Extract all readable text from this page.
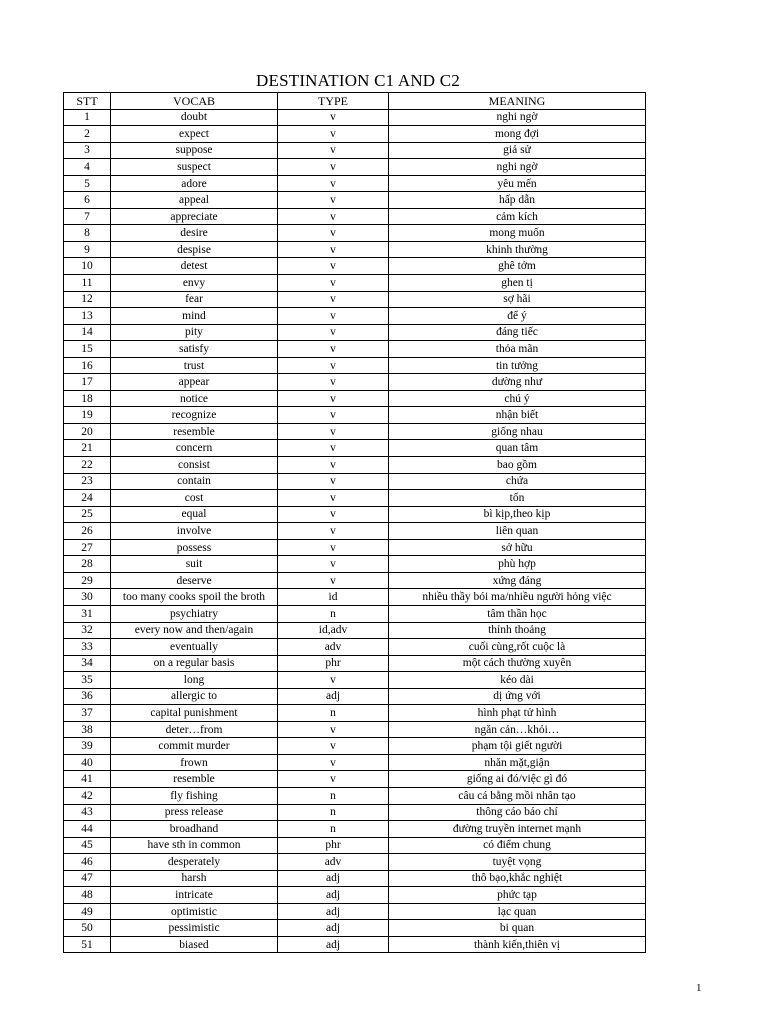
DESTINATION C1 AND C2
STT	VOCAB	TYPE	MEANING
1	doubt	v	nghi ngờ
2	expect	v	mong đợi
3	suppose	v	giả sử
4	suspect	v	nghi ngờ
5	adore	v	yêu mến
6	appeal	v	hấp dẫn
7	appreciate	v	cảm kích
8	desire	v	mong muốn
9	despise	v	khinh thường
10	detest	v	ghê tởm
11	envy	v	ghen tị
12	fear	v	sợ hãi
13	mind	v	để ý
14	pity	v	đáng tiếc
15	satisfy	v	thỏa mãn
16	trust	v	tin tưởng
17	appear	v	dường như
18	notice	v	chú ý
19	recognize	v	nhận biết
20	resemble	v	giống nhau
21	concern	v	quan tâm
22	consist	v	bao gồm
23	contain	v	chứa
24	cost	v	tốn
25	equal	v	bì kịp,theo kịp
26	involve	v	liên quan
27	possess	v	sở hữu
28	suit	v	phù hợp
29	deserve	v	xứng đáng
30	too many cooks spoil the broth	id	nhiều thầy bói ma/nhiều người hỏng việc
31	psychiatry	n	tâm thần học
32	every now and then/again	id,adv	thỉnh thoảng
33	eventually	adv	cuối cùng,rốt cuộc là
34	on a regular basis	phr	một cách thường xuyên
35	long	v	kéo dài
36	allergic to	adj	dị ứng với
37	capital punishment	n	hình phạt tử hình
38	deter…from	v	ngăn cản…khỏi…
39	commit murder	v	phạm tội giết người
40	frown	v	nhăn mặt,giận
41	resemble	v	giống ai đó/việc gì đó
42	fly fishing	n	câu cá bằng mồi nhân tạo
43	press release	n	thông cáo báo chí
44	broadhand	n	đường truyền internet mạnh
45	have sth in common	phr	có điểm chung
46	desperately	adv	tuyệt vọng
47	harsh	adj	thô bạo,khắc nghiệt
48	intricate	adj	phức tạp
49	optimistic	adj	lạc quan
50	pessimistic	adj	bi quan
51	biased	adj	thành kiến,thiên vị
1
